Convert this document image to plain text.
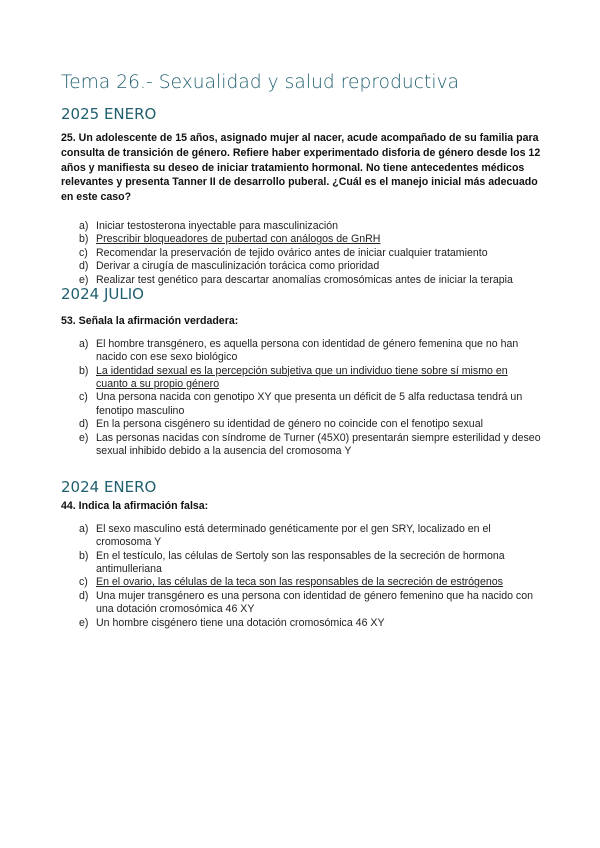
Tema 26.- Sexualidad y salud reproductiva
2025 ENERO

25. Un adolescente de 15 años, asignado mujer al nacer, acude acompañado de su familia para consulta de transición de género. Refiere haber experimentado disforia de género desde los 12 años y manifiesta su deseo de iniciar tratamiento hormonal. No tiene antecedentes médicos relevantes y presenta Tanner II de desarrollo puberal. ¿Cuál es el manejo inicial más adecuado en este caso?

a) Iniciar testosterona inyectable para masculinización
b) Prescribir bloqueadores de pubertad con análogos de GnRH
c) Recomendar la preservación de tejido ovárico antes de iniciar cualquier tratamiento
d) Derivar a cirugía de masculinización torácica como prioridad
e) Realizar test genético para descartar anomalías cromosómicas antes de iniciar la terapia
2024 JULIO

53. Señala la afirmación verdadera:

a) El hombre transgénero, es aquella persona con identidad de género femenina que no han nacido con ese sexo biológico
b) La identidad sexual es la percepción subjetiva que un individuo tiene sobre sí mismo en cuanto a su propio género
c) Una persona nacida con genotipo XY que presenta un déficit de 5 alfa reductasa tendrá un fenotipo masculino
d) En la persona cisgénero su identidad de género no coincide con el fenotipo sexual
e) Las personas nacidas con síndrome de Turner (45X0) presentarán siempre esterilidad y deseo sexual inhibido debido a la ausencia del cromosoma Y
2024 ENERO

44. Indica la afirmación falsa:

a) El sexo masculino está determinado genéticamente por el gen SRY, localizado en el cromosoma Y
b) En el testículo, las células de Sertoly son las responsables de la secreción de hormona antimulleriana
c) En el ovario, las células de la teca son las responsables de la secreción de estrógenos
d) Una mujer transgénero es una persona con identidad de género femenino que ha nacido con una dotación cromosómica 46 XY
e) Un hombre cisgénero tiene una dotación cromosómica 46 XY
